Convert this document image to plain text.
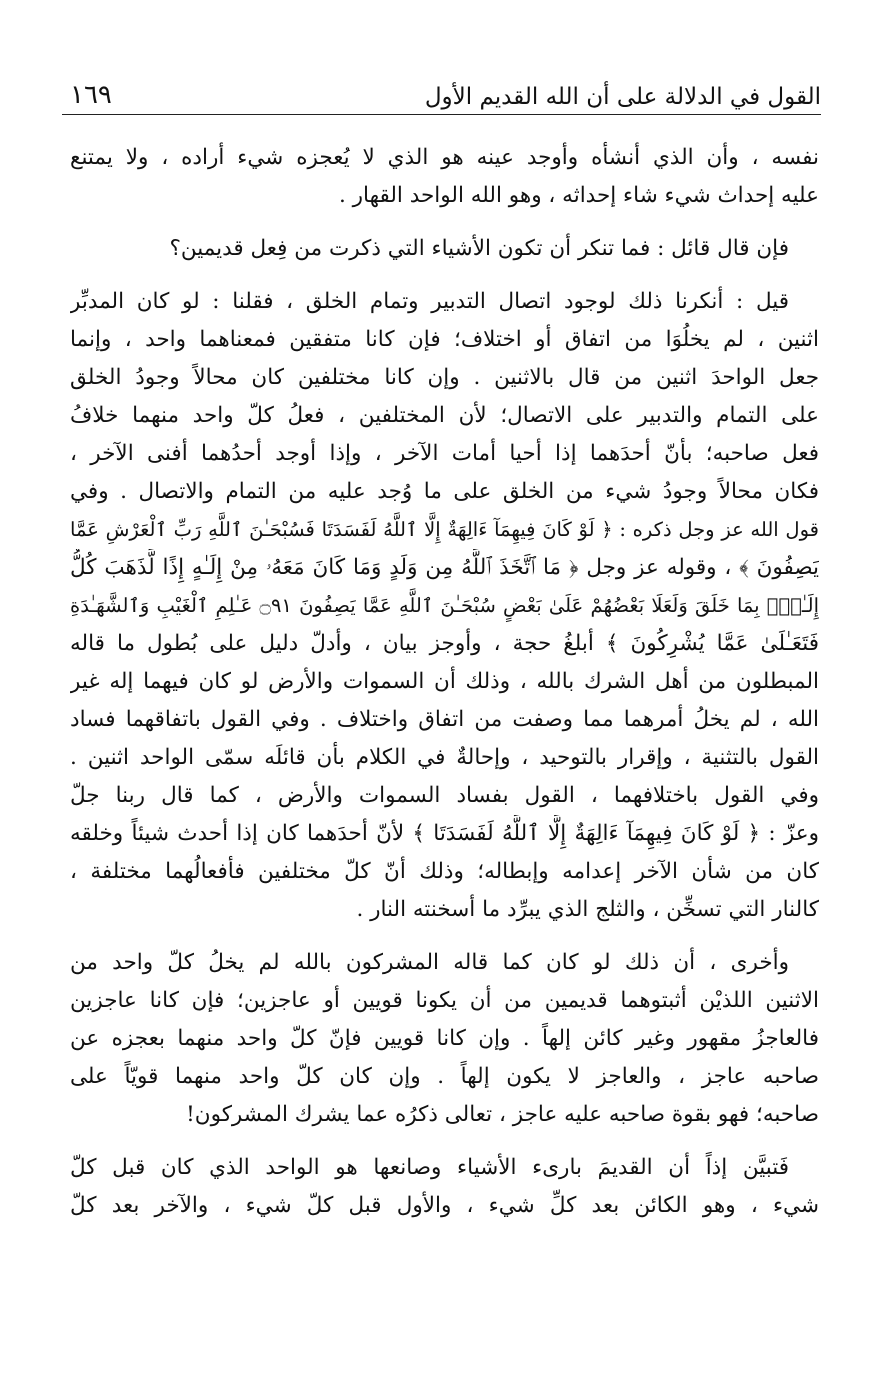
القول في الدلالة على أن الله القديم الأول
١٦٩
نفسه ، وأن الذي أنشأه وأوجد عينه هو الذي لا يُعجزه شيء أراده ، ولا يمتنع
عليه إحداث شيء شاء إحداثه ، وهو الله الواحد القهار .
فإن قال قائل : فما تنكر أن تكون الأشياء التي ذكرت من فِعل قديمين؟
قيل : أنكرنا ذلك لوجود اتصال التدبير وتمام الخلق ، فقلنا : لو كان المدبِّر
اثنين ، لم يخلُوَا من اتفاق أو اختلاف؛ فإن كانا متفقين فمعناهما واحد ، وإنما
جعل الواحدَ اثنين من قال بالاثنين . وإن كانا مختلفين كان محالاً وجودُ الخلق
على التمام والتدبير على الاتصال؛ لأن المختلفين ، فعلُ كلّ واحد منهما خلافُ
فعل صاحبه؛ بأنّ أحدَهما إذا أحيا أمات الآخر ، وإذا أوجد أحدُهما أفنى الآخر ،
فكان محالاً وجودُ شيء من الخلق على ما وُجد عليه من التمام والاتصال . وفي
قول الله عز وجل ذكره : ﴿ لَوْ كَانَ فِيهِمَآ ءَالِهَةٌ إِلَّا ٱللَّهُ لَفَسَدَتَا فَسُبْحَـٰنَ ٱللَّهِ رَبِّ ٱلْعَرْشِ عَمَّا
يَصِفُونَ ﴾ ، وقوله عز وجل ﴿ مَا ٱتَّخَذَ ٱللَّهُ مِن وَلَدٍ وَمَا كَانَ مَعَهُۥ مِنْ إِلَـٰهٍ إِذًا لَّذَهَبَ كُلُّ
إِلَـٰهٍۭ بِمَا خَلَقَ وَلَعَلَا بَعْضُهُمْ عَلَىٰ بَعْضٍ سُبْحَـٰنَ ٱللَّهِ عَمَّا يَصِفُونَ ۝٩١ عَـٰلِمِ ٱلْغَيْبِ وَٱلشَّهَـٰدَةِ
فَتَعَـٰلَىٰ عَمَّا يُشْرِكُونَ ﴾ أبلغُ حجة ، وأوجز بيان ، وأدلّ دليل على بُطول ما قاله
المبطلون من أهل الشرك بالله ، وذلك أن السموات والأرض لو كان فيهما إله غير
الله ، لم يخلُ أمرهما مما وصفت من اتفاق واختلاف . وفي القول باتفاقهما فساد
القول بالتثنية ، وإقرار بالتوحيد ، وإحالةٌ في الكلام بأن قائلَه سمّى الواحد اثنين .
وفي القول باختلافهما ، القول بفساد السموات والأرض ، كما قال ربنا جلّ
وعزّ : ﴿ لَوْ كَانَ فِيهِمَآ ءَالِهَةٌ إِلَّا ٱللَّهُ لَفَسَدَتَا ﴾ لأنّ أحدَهما كان إذا أحدث شيئاً وخلقه
كان من شأن الآخر إعدامه وإبطاله؛ وذلك أنّ كلّ مختلفين فأفعالُهما مختلفة ،
كالنار التي تسخِّن ، والثلج الذي يبرِّد ما أسخنته النار .
وأخرى ، أن ذلك لو كان كما قاله المشركون بالله لم يخلُ كلّ واحد من
الاثنين اللذيْن أثبتوهما قديمين من أن يكونا قويين أو عاجزين؛ فإن كانا عاجزين
فالعاجزُ مقهور وغير كائن إلهاً . وإن كانا قويين فإنّ كلّ واحد منهما بعجزه عن
صاحبه عاجز ، والعاجز لا يكون إلهاً . وإن كان كلّ واحد منهما قويّاً على
صاحبه؛ فهو بقوة صاحبه عليه عاجز ، تعالى ذكرُه عما يشرك المشركون!
فَتبيَّن إذاً أن القديمَ بارىء الأشياء وصانعها هو الواحد الذي كان قبل كلّ
شيء ، وهو الكائن بعد كلِّ شيء ، والأول قبل كلّ شيء ، والآخر بعد كلّ
